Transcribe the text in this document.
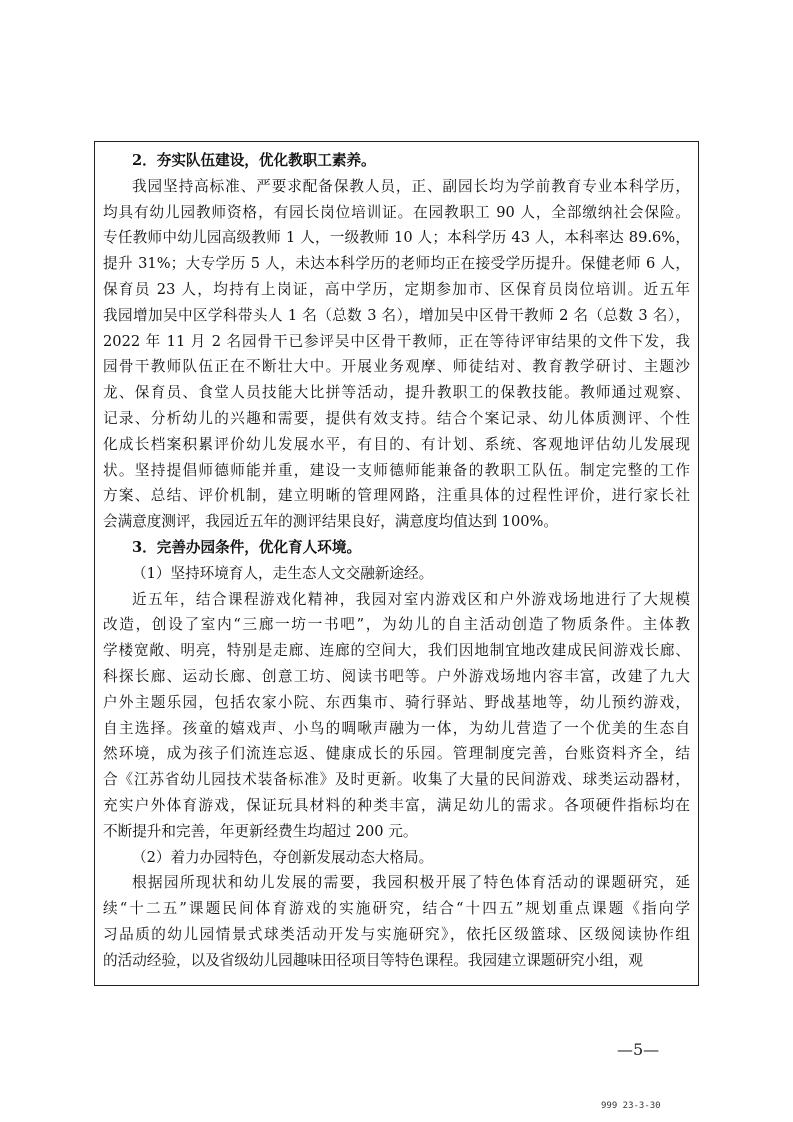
2．夯实队伍建设，优化教职工素养。
我园坚持高标准、严要求配备保教人员，正、副园长均为学前教育专业本科学历，
均具有幼儿园教师资格，有园长岗位培训证。在园教职工 90 人，全部缴纳社会保险。
专任教师中幼儿园高级教师 1 人，一级教师 10 人；本科学历 43 人，本科率达 89.6%，
提升 31%；大专学历 5 人，未达本科学历的老师均正在接受学历提升。保健老师 6 人，
保育员 23 人，均持有上岗证，高中学历，定期参加市、区保育员岗位培训。近五年
我园增加吴中区学科带头人 1 名（总数 3 名），增加吴中区骨干教师 2 名（总数 3 名），
2022 年 11 月 2 名园骨干已参评吴中区骨干教师，正在等待评审结果的文件下发，我
园骨干教师队伍正在不断壮大中。开展业务观摩、师徒结对、教育教学研讨、主题沙
龙、保育员、食堂人员技能大比拼等活动，提升教职工的保教技能。教师通过观察、
记录、分析幼儿的兴趣和需要，提供有效支持。结合个案记录、幼儿体质测评、个性
化成长档案积累评价幼儿发展水平，有目的、有计划、系统、客观地评估幼儿发展现
状。坚持提倡师德师能并重，建设一支师德师能兼备的教职工队伍。制定完整的工作
方案、总结、评价机制，建立明晰的管理网路，注重具体的过程性评价，进行家长社
会满意度测评，我园近五年的测评结果良好，满意度均值达到 100%。
3．完善办园条件，优化育人环境。
（1）坚持环境育人，走生态人文交融新途经。
近五年，结合课程游戏化精神，我园对室内游戏区和户外游戏场地进行了大规模
改造，创设了室内“三廊一坊一书吧”，为幼儿的自主活动创造了物质条件。主体教
学楼宽敞、明亮，特别是走廊、连廊的空间大，我们因地制宜地改建成民间游戏长廊、
科探长廊、运动长廊、创意工坊、阅读书吧等。户外游戏场地内容丰富，改建了九大
户外主题乐园，包括农家小院、东西集市、骑行驿站、野战基地等，幼儿预约游戏，
自主选择。孩童的嬉戏声、小鸟的啁啾声融为一体，为幼儿营造了一个优美的生态自
然环境，成为孩子们流连忘返、健康成长的乐园。管理制度完善，台账资料齐全，结
合《江苏省幼儿园技术装备标准》及时更新。收集了大量的民间游戏、球类运动器材，
充实户外体育游戏，保证玩具材料的种类丰富，满足幼儿的需求。各项硬件指标均在
不断提升和完善，年更新经费生均超过 200 元。
（2）着力办园特色，夺创新发展动态大格局。
根据园所现状和幼儿发展的需要，我园积极开展了特色体育活动的课题研究，延
续“十二五”课题民间体育游戏的实施研究，结合“十四五”规划重点课题《指向学
习品质的幼儿园情景式球类活动开发与实施研究》，依托区级篮球、区级阅读协作组
的活动经验，以及省级幼儿园趣味田径项目等特色课程。我园建立课题研究小组，观
—5—
999 23-3-30
